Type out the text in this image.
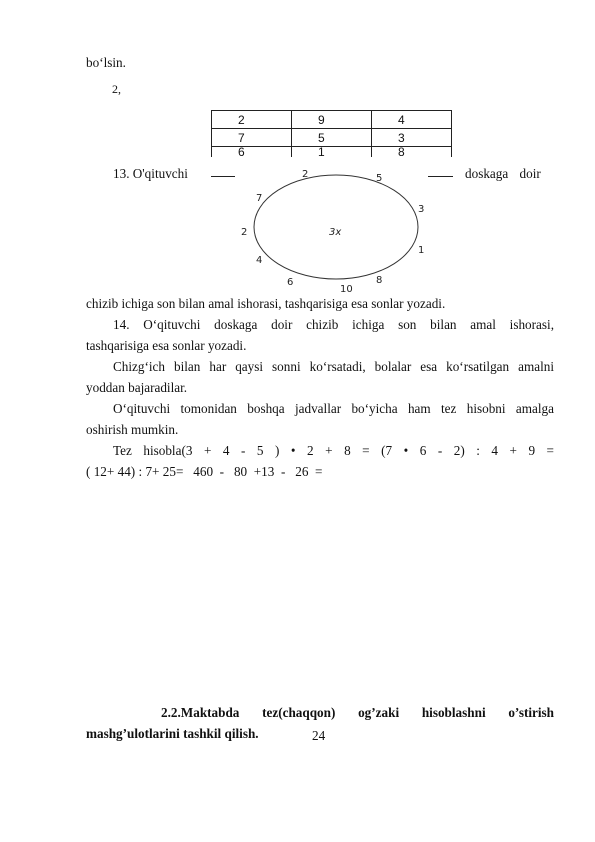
bo‘lsin.
2,
2	9	4
7	5	3
6	1	8
13. O'qituvchi	doskaga doir
3x
2	5
3
1
8
10
6
4
2
7
chizib ichiga son bilan amal ishorasi, tashqarisiga esa sonlar yozadi.
14. O‘qituvchi doskaga doir chizib ichiga son bilan amal ishorasi,
tashqarisiga esa sonlar yozadi.
Chizg‘ich bilan har qaysi sonni ko‘rsatadi, bolalar esa ko‘rsatilgan amalni
yoddan bajaradilar.
O‘qituvchi tomonidan boshqa jadvallar bo‘yicha ham tez hisobni amalga
oshirish mumkin.
Tez hisobla(3 + 4 - 5 ) • 2 + 8 = (7 • 6 - 2) : 4 + 9 =
( 12+ 44) : 7+ 25=   460  -   80  +13  -   26  =
2.2.Maktabda tez(chaqqon) og’zaki hisoblashni o’stirish
mashg’ulotlarini tashkil qilish.	24
